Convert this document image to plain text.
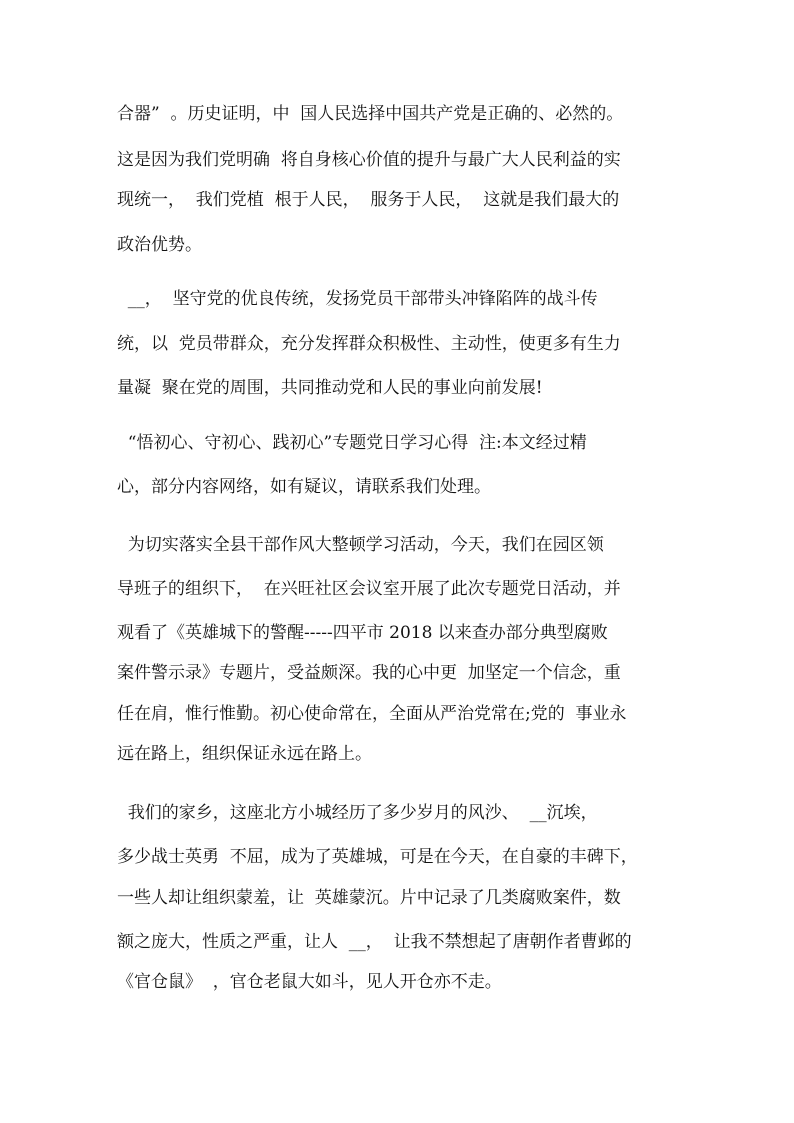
合器”  。历史证明，中  国人民选择中国共产党是正确的、必然的。
这是因为我们党明确  将自身核心价值的提升与最广大人民利益的实
现统一，  我们党植  根于人民，  服务于人民，  这就是我们最大的
政治优势。
__，  坚守党的优良传统，发扬党员干部带头冲锋陷阵的战斗传
统，以  党员带群众，充分发挥群众积极性、主动性，使更多有生力
量凝  聚在党的周围，共同推动党和人民的事业向前发展!
“悟初心、守初心、践初心”专题党日学习心得  注:本文经过精
心，部分内容网络，如有疑议，请联系我们处理。
为切实落实全县干部作风大整顿学习活动，今天，我们在园区领
导班子的组织下，  在兴旺社区会议室开展了此次专题党日活动，并
观看了《英雄城下的警醒-----四平市 2018 以来查办部分典型腐败
案件警示录》专题片，受益颇深。我的心中更  加坚定一个信念，重
任在肩，惟行惟勤。初心使命常在，全面从严治党常在;党的  事业永
远在路上，组织保证永远在路上。
我们的家乡，这座北方小城经历了多少岁月的风沙、  __沉埃，
多少战士英勇  不屈，成为了英雄城，可是在今天，在自豪的丰碑下，
一些人却让组织蒙羞，让  英雄蒙沉。片中记录了几类腐败案件，数
额之庞大，性质之严重，让人  __，  让我不禁想起了唐朝作者曹邺的
《官仓鼠》  ，官仓老鼠大如斗，见人开仓亦不走。
